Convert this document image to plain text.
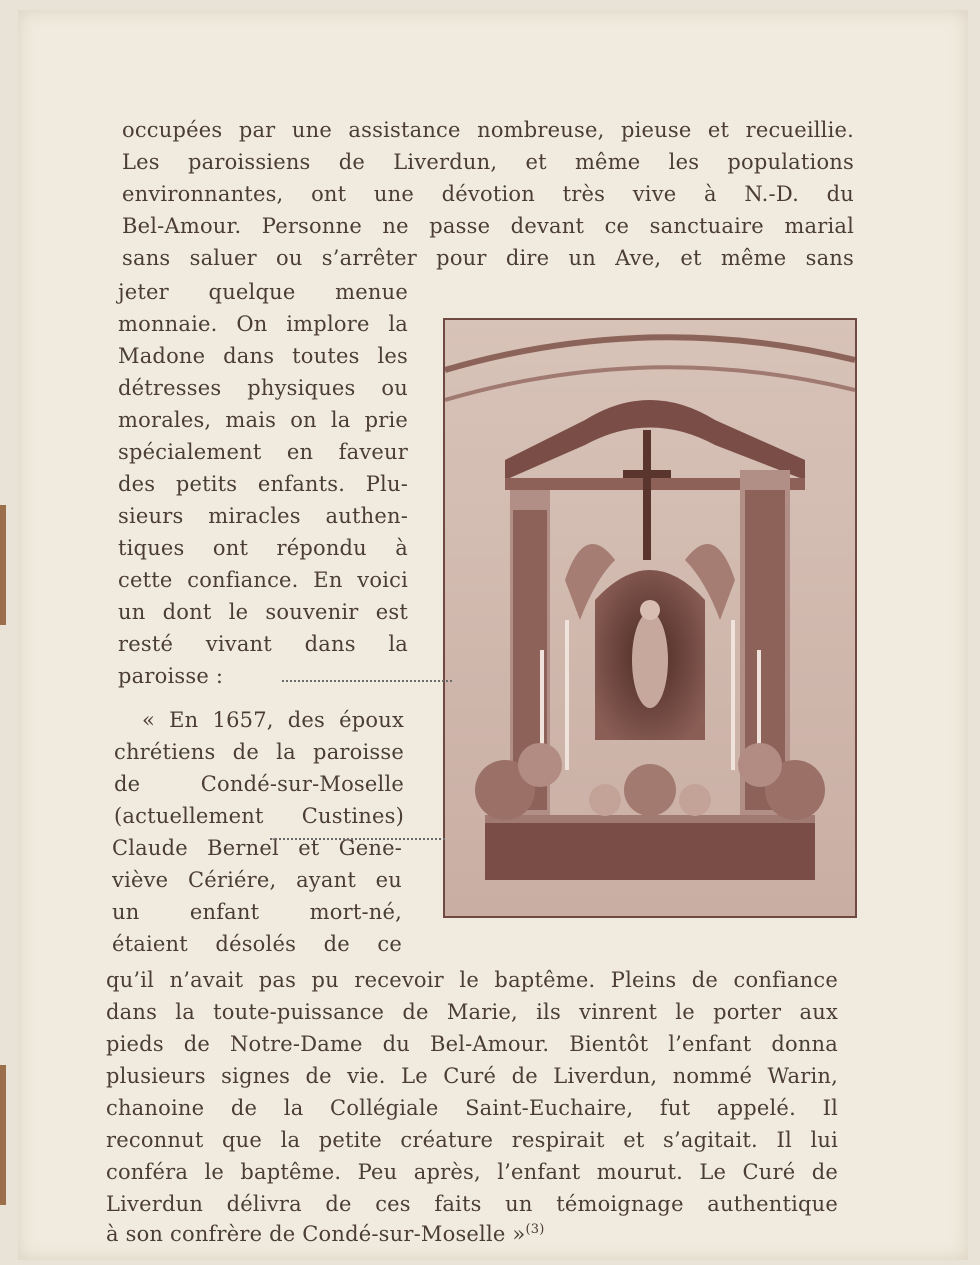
occupées par une assistance nombreuse, pieuse et recueillie.
Les paroissiens de Liverdun, et même les populations
environnantes, ont une dévotion très vive à N.-D. du
Bel-Amour. Personne ne passe devant ce sanctuaire marial
sans saluer ou s’arrêter pour dire un Ave, et même sans
jeter quelque menue
monnaie. On implore la
Madone dans toutes les
détresses physiques ou
morales, mais on la prie
spécialement en faveur
des petits enfants. Plu-
sieurs miracles authen-
tiques ont répondu à
cette confiance. En voici
un dont le souvenir est
resté vivant dans la
paroisse :
« En 1657, des époux
chrétiens de la paroisse
de Condé-sur-Moselle
(actuellement Custines)
Claude Bernel et Gene-
viève Cériére, ayant eu
un enfant mort-né,
étaient désolés de ce
qu’il n’avait pas pu recevoir le baptême. Pleins de confiance
dans la toute-puissance de Marie, ils vinrent le porter aux
pieds de Notre-Dame du Bel-Amour. Bientôt l’enfant donna
plusieurs signes de vie. Le Curé de Liverdun, nommé Warin,
chanoine de la Collégiale Saint-Euchaire, fut appelé. Il
reconnut que la petite créature respirait et s’agitait. Il lui
conféra le baptême. Peu après, l’enfant mourut. Le Curé de
Liverdun délivra de ces faits un témoignage authentique
à son confrère de Condé-sur-Moselle »$^{(3)}$
